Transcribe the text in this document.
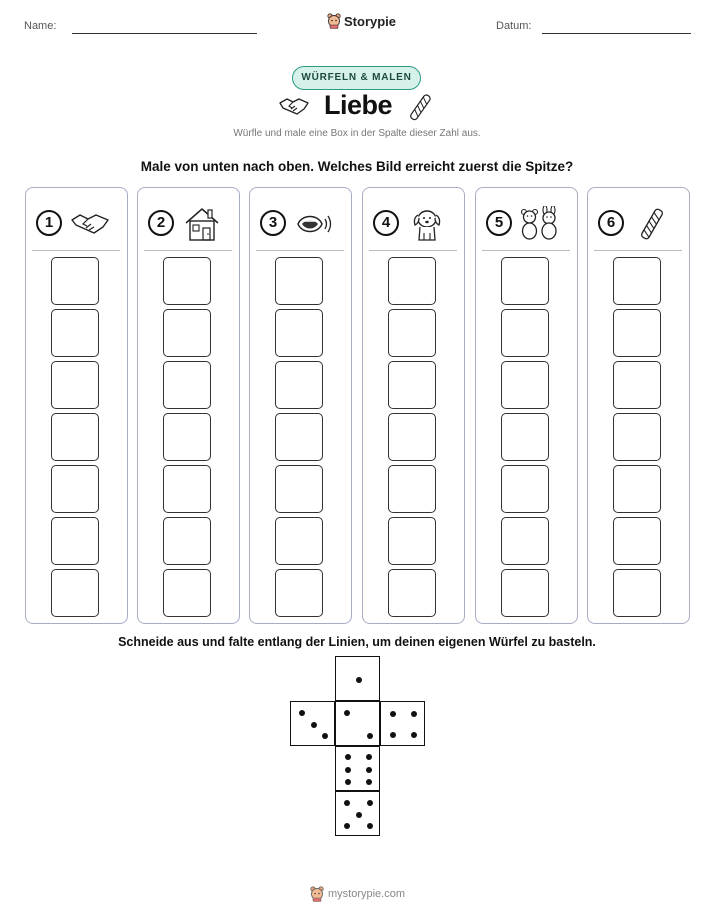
Name:	Storypie	Datum:
WÜRFELN & MALEN
Liebe
Würfle und male eine Box in der Spalte dieser Zahl aus.
Male von unten nach oben. Welches Bild erreicht zuerst die Spitze?
1	2	3	4	5	6
Schneide aus und falte entlang der Linien, um deinen eigenen Würfel zu basteln.
mystorypie.com
